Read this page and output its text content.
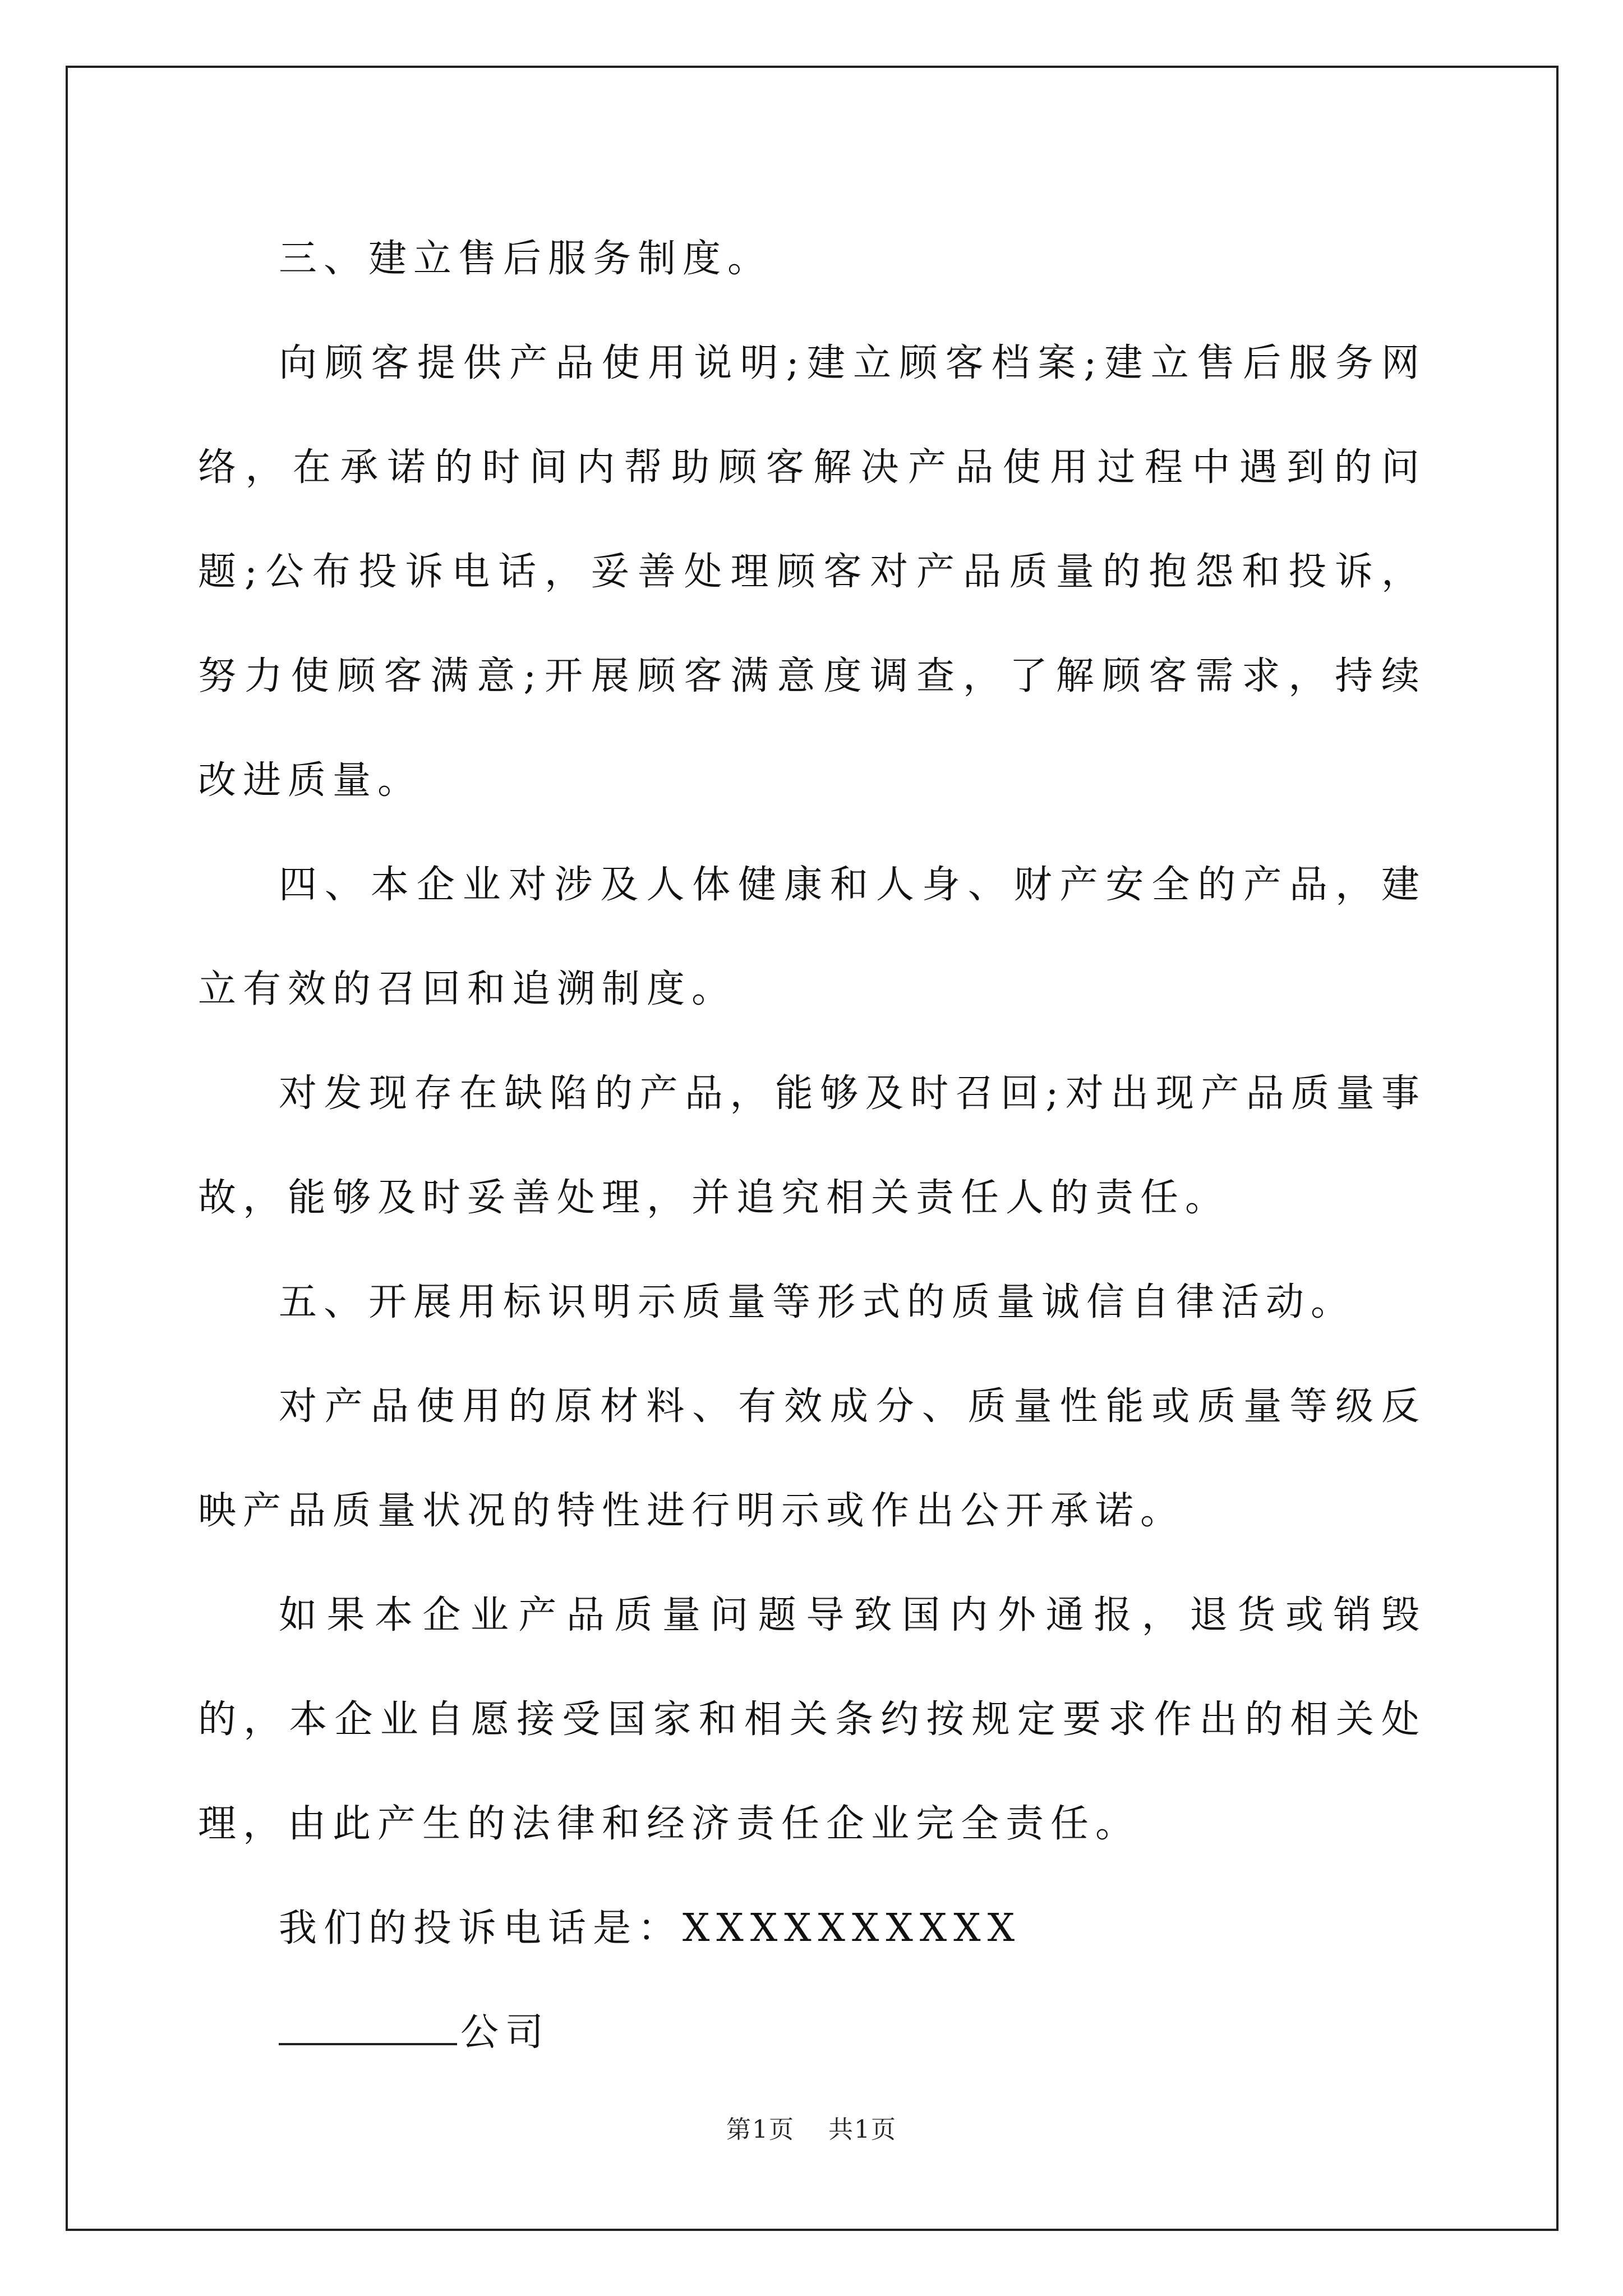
三、建立售后服务制度。

向顾客提供产品使用说明;建立顾客档案;建立售后服务网络，在承诺的时间内帮助顾客解决产品使用过程中遇到的问题;公布投诉电话，妥善处理顾客对产品质量的抱怨和投诉，努力使顾客满意;开展顾客满意度调查，了解顾客需求，持续改进质量。

四、本企业对涉及人体健康和人身、财产安全的产品，建立有效的召回和追溯制度。

对发现存在缺陷的产品，能够及时召回;对出现产品质量事故，能够及时妥善处理，并追究相关责任人的责任。

五、开展用标识明示质量等形式的质量诚信自律活动。

对产品使用的原材料、有效成分、质量性能或质量等级反映产品质量状况的特性进行明示或作出公开承诺。

如果本企业产品质量问题导致国内外通报，退货或销毁的，本企业自愿接受国家和相关条约按规定要求作出的相关处理，由此产生的法律和经济责任企业完全责任。

我们的投诉电话是：XXXXXXXXXX

公司

第1页 共1页
